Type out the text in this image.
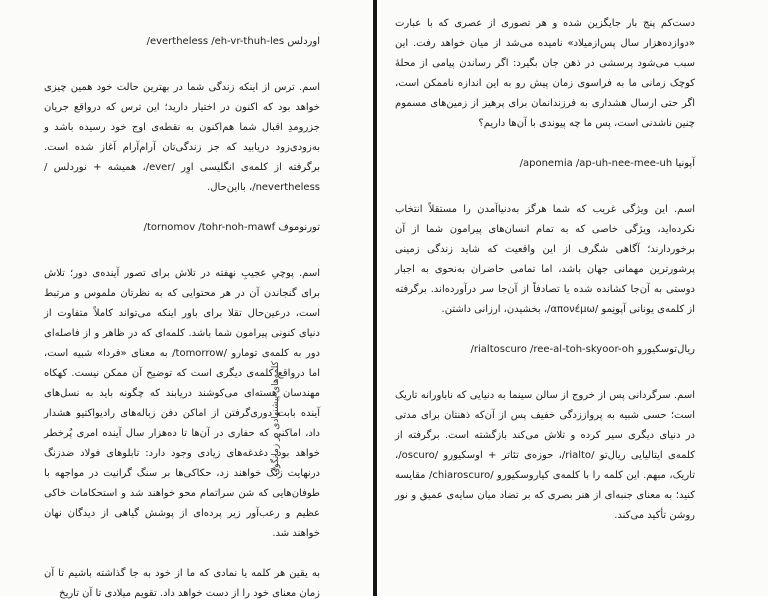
کلمه‌های پیشنهادی در زمانگوی

اوردلس /evertheless /eh-vr-thuh-les

اسم. ترس از اینکه زندگی شما در بهترین حالت خود همین چیزی خواهد بود که اکنون در اختیار دارید؛ این ترس که درواقع جریان جزرومدِ اقبال شما هم‌اکنون به نقطه‌ی اوج خود رسیده باشد و به‌زودی‌زود دریابید که جز زندگی‌تان آرام‌آرام آغاز شده است. برگرفته از کلمه‌ی انگلیسی اوِر /ever/، همیشه + نوردلس / nevertheless/، بااین‌حال.

تورنوموف /tornomov /tohr-noh-mawf

اسم. پوچیِ عجیبِ نهفته در تلاش برای تصور آینده‌ی دور؛ تلاش برای گنجاندن آن در هر محتوایی که به نظرتان ملموس و مرتبط است، درعین‌حال تقلا برای باور اینکه می‌تواند کاملاً متفاوت از دنیای کنونی پیرامون شما باشد. کلمه‌ای که در ظاهر و از فاصله‌ای دور به کلمه‌ی تومارو /tomorrow/ به معنای «فردا» شبیه است، اما درواقع کلمه‌ی دیگری است که توضیح آن ممکن نیست. کهکاه مهندسان هسته‌ای می‌کوشند دریابند که چگونه باید به نسل‌های آینده بابت دوری‌گرفتن از اماکن دفن زباله‌های رادیواکتیو هشدار داد، اماکنی که حفاری در آن‌ها تا ده‌هزار سال آینده امری پُرخطر خواهد بود. دغدغه‌های زیادی وجود دارد: تابلوهای فولاد ضدزنگ درنهایت زنگ خواهند زد، حکاکی‌ها بر سنگ گرانیت در مواجهه با طوفان‌هایی که شن سراتمام محو خواهند شد و استحکامات خاکی عظیم و رعب‌آور زیر پرده‌ای از پوشش گیاهی از دیدگان نهان خواهند شد.

به یقین هر کلمه یا نمادی که ما از خود به جا گذاشته باشیم تا آن زمان معنای خود را از دست خواهد داد. تقویم میلادی تا آن تاریخ

دست‌کم پنج بار جایگزین شده و هر تصوری از عصری که با عبارت «دوازده‌هزار سال پس‌ازمیلاد» نامیده می‌شد از میان خواهد رفت. این سبب می‌شود پرسشی در ذهن جان بگیرد: اگر رساندن پیامی از محلۀ کوچک زمانی ما به فراسوی زمان پیش رو به این اندازه ناممکن است، اگر حتی ارسال هشداری به فرزندانمان برای پرهیز از زمین‌های مسموم چنین ناشدنی است، پس ما چه پیوندی با آن‌ها داریم؟

آپونیا /aponemia /ap-uh-nee-mee-uh

اسم. این ویژگی غریب که شما هرگز به‌دنیاآمدن را مستقلاً انتخاب نکرده‌اید، ویژگی خاصی که به تمام انسان‌های پیرامون شما از آن برخوردارند؛ آگاهی شگرف از این واقعیت که شاید زندگی زمینی پرشورترین مهمانی جهان باشد، اما تمامی حاضران به‌نحوی به اجبار دوستی به آن‌جا کشانده شده یا تصادفاً از آن‌جا سر درآورده‌اند. برگرفته از کلمه‌ی یونانی آپونِمو /απονέμω/، بخشیدن، ارزانی داشتن.

ریال‌توسکیورو /rialtoscuro /ree-al-toh-skyoor-oh

اسم. سرگردانی پس از خروج از سالن سینما به دنیایی که ناباورانه تاریک است؛ حسی شبیه به پرواززدگی خفیف پس از آن‌که ذهنتان برای مدتی در دنیای دیگری سیر کرده و تلاش می‌کند بازگشته است. برگرفته از کلمه‌ی ایتالیایی ریال‌تو /rialto/، حوزه‌ی تئاتر + اوسکیورو /oscuro/، تاریک، مبهم. این کلمه را با کلمه‌ی کیاروسکیورو /chiaroscuro/ مقایسه کنید؛ به معنای جنبه‌ای از هنر بصری که بر تضاد میان سایه‌ی عمیق و نور روشن تأکید می‌کند.
